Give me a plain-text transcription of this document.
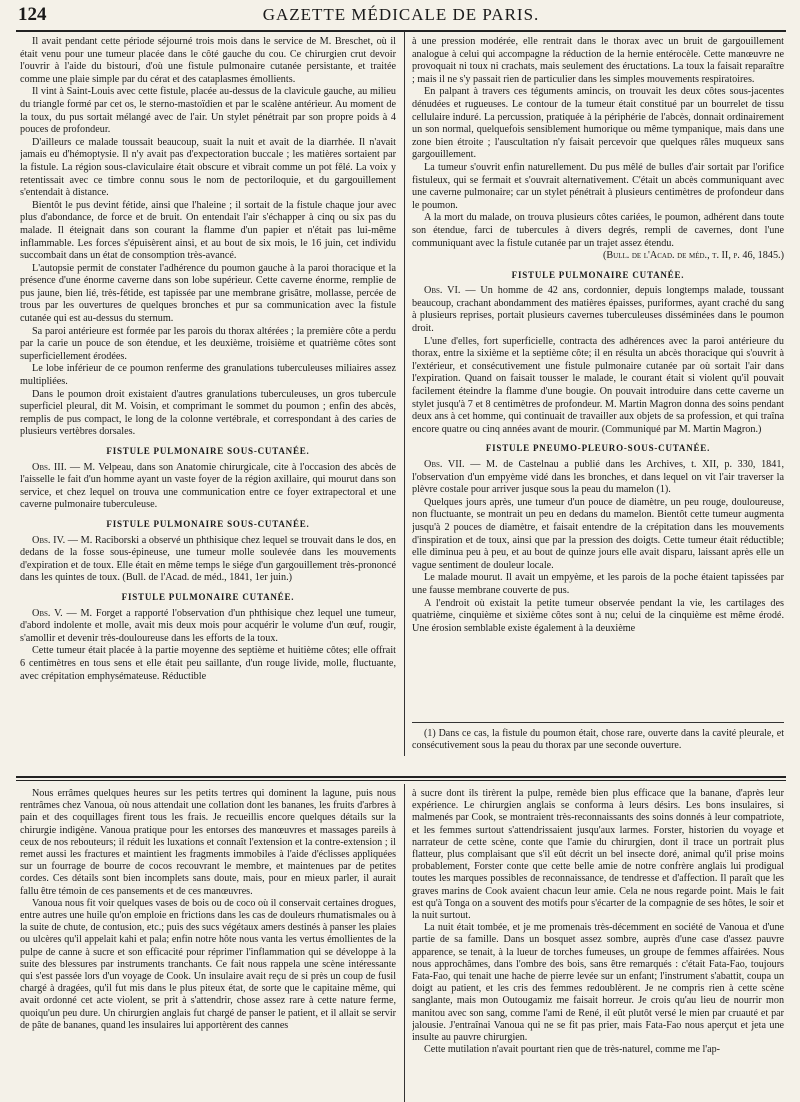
124	GAZETTE MÉDICALE DE PARIS.

Il avait pendant cette période séjourné trois mois dans le service de M. Breschet, où il était venu pour une tumeur placée dans le côté gauche du cou. Ce chirurgien crut devoir l'ouvrir à l'aide du bistouri, d'où une fistule pulmonaire cutanée persistante, et traitée comme une plaie simple par du cérat et des cataplasmes émollients.

Il vint à Saint-Louis avec cette fistule, placée au-dessus de la clavicule gauche, au milieu du triangle formé par cet os, le sterno-mastoïdien et par le scalène antérieur. Au moment de la toux, du pus sortait mélangé avec de l'air. Un stylet pénétrait par son propre poids à 4 pouces de profondeur.

D'ailleurs ce malade toussait beaucoup, suait la nuit et avait de la diarrhée. Il n'avait jamais eu d'hémoptysie. Il n'y avait pas d'expectoration buccale ; les matières sortaient par la fistule. La région sous-claviculaire était obscure et vibrait comme un pot fêlé. La voix y retentissait avec ce timbre connu sous le nom de pectoriloquie, et du gargouillement s'entendait à distance.

Bientôt le pus devint fétide, ainsi que l'haleine ; il sortait de la fistule chaque jour avec plus d'abondance, de force et de bruit. On entendait l'air s'échapper à cinq ou six pas du malade. Il éteignait dans son courant la flamme d'un papier et n'était pas lui-même inflammable. Les forces s'épuisèrent ainsi, et au bout de six mois, le 16 juin, cet individu succombait dans un état de consomption très-avancé.

L'autopsie permit de constater l'adhérence du poumon gauche à la paroi thoracique et la présence d'une énorme caverne dans son lobe supérieur. Cette caverne énorme, remplie de pus jaune, bien lié, très-fétide, est tapissée par une membrane grisâtre, mollasse, percée de trous par les ouvertures de quelques bronches et pur sa communication avec la fistule cutanée qui est au-dessus du sternum.

Sa paroi antérieure est formée par les parois du thorax altérées ; la première côte a perdu par la carie un pouce de son étendue, et les deuxième, troisième et quatrième côtes sont superficiellement érodées.

Le lobe inférieur de ce poumon renferme des granulations tuberculeuses miliaires assez multipliées.

Dans le poumon droit existaient d'autres granulations tuberculeuses, un gros tubercule superficiel pleural, dit M. Voisin, et comprimant le sommet du poumon ; enfin des abcès, remplis de pus compact, le long de la colonne vertébrale, et correspondant à des caries de plusieurs vertèbres dorsales.

FISTULE PULMONAIRE SOUS-CUTANÉE.

Obs. III. — M. Velpeau, dans son Anatomie chirurgicale, cite à l'occasion des abcès de l'aisselle le fait d'un homme ayant un vaste foyer de la région axillaire, qui mourut dans son service, et chez lequel on trouva une communication entre ce foyer extrapectoral et une caverne pulmonaire tuberculeuse.

FISTULE PULMONAIRE SOUS-CUTANÉE.

Obs. IV. — M. Raciborski a observé un phthisique chez lequel se trouvait dans le dos, en dedans de la fosse sous-épineuse, une tumeur molle soulevée dans les mouvements d'expiration et de toux. Elle était en même temps le siége d'un gargouillement très-prononcé dans les quintes de toux. (Bull. de l'Acad. de méd., 1841, 1er juin.)

FISTULE PULMONAIRE CUTANÉE.

Obs. V. — M. Forget a rapporté l'observation d'un phthisique chez lequel une tumeur, d'abord indolente et molle, avait mis deux mois pour acquérir le volume d'un œuf, rougir, s'amollir et devenir très-douloureuse dans les efforts de la toux.

Cette tumeur était placée à la partie moyenne des septième et huitième côtes; elle offrait 6 centimètres en tous sens et elle était peu saillante, d'un rouge livide, molle, fluctuante, avec crépitation emphysémateuse. Réductible

à une pression modérée, elle rentrait dans le thorax avec un bruit de gargouillement analogue à celui qui accompagne la réduction de la hernie entérocèle. Cette manœuvre ne provoquait ni toux ni crachats, mais seulement des éructations. La toux la faisait reparaître ; mais il ne s'y passait rien de particulier dans les simples mouvements respiratoires.

En palpant à travers ces téguments amincis, on trouvait les deux côtes sous-jacentes dénudées et rugueuses. Le contour de la tumeur était constitué par un bourrelet de tissu cellulaire induré. La percussion, pratiquée à la périphérie de l'abcès, donnait ordinairement un son normal, quelquefois sensiblement humorique ou même tympanique, mais dans une zone bien étroite ; l'auscultation n'y faisait percevoir que quelques râles muqueux sans gargouillement.

La tumeur s'ouvrit enfin naturellement. Du pus mêlé de bulles d'air sortait par l'orifice fistuleux, qui se fermait et s'ouvrait alternativement. C'était un abcès communiquant avec une caverne pulmonaire; car un stylet pénétrait à plusieurs centimètres de profondeur dans le poumon.

A la mort du malade, on trouva plusieurs côtes cariées, le poumon, adhérent dans toute son étendue, farci de tubercules à divers degrés, rempli de cavernes, dont l'une communiquant avec la fistule cutanée par un trajet assez étendu.

(Bull. de l'Acad. de méd., t. II, p. 46, 1845.)

FISTULE PULMONAIRE CUTANÉE.

Obs. VI. — Un homme de 42 ans, cordonnier, depuis longtemps malade, toussant beaucoup, crachant abondamment des matières épaisses, puriformes, ayant craché du sang à plusieurs reprises, portait plusieurs cavernes tuberculeuses disséminées dans le poumon droit.

L'une d'elles, fort superficielle, contracta des adhérences avec la paroi antérieure du thorax, entre la sixième et la septième côte; il en résulta un abcès thoracique qui s'ouvrit à l'extérieur, et consécutivement une fistule pulmonaire cutanée par où sortait l'air dans l'expiration. Quand on faisait tousser le malade, le courant était si violent qu'il pouvait facilement éteindre la flamme d'une bougie. On pouvait introduire dans cette caverne un stylet jusqu'à 7 et 8 centimètres de profondeur. M. Martin Magron donna des soins pendant deux ans à cet homme, qui continuait de travailler aux objets de sa profession, et qui traîna encore quatre ou cinq années avant de mourir. (Communiqué par M. Martin Magron.)

FISTULE PNEUMO-PLEURO-SOUS-CUTANÉE.

Obs. VII. — M. de Castelnau a publié dans les Archives, t. XII, p. 330, 1841, l'observation d'un empyème vidé dans les bronches, et dans lequel on vit l'air traverser la plèvre costale pour arriver jusque sous la peau du mamelon (1).

Quelques jours après, une tumeur d'un pouce de diamètre, un peu rouge, douloureuse, non fluctuante, se montrait un peu en dedans du mamelon. Bientôt cette tumeur augmenta jusqu'à 2 pouces de diamètre, et faisait entendre de la crépitation dans les mouvements d'inspiration et de toux, ainsi que par la pression des doigts. Cette tumeur était réductible; elle diminua peu à peu, et au bout de quinze jours elle avait disparu, laissant après elle un vague sentiment de douleur locale.

Le malade mourut. Il avait un empyème, et les parois de la poche étaient tapissées par une fausse membrane couverte de pus.

A l'endroit où existait la petite tumeur observée pendant la vie, les cartilages des quatrième, cinquième et sixième côtes sont à nu; celui de la cinquième est même érodé. Une érosion semblable existe également à la deuxième

(1) Dans ce cas, la fistule du poumon était, chose rare, ouverte dans la cavité pleurale, et consécutivement sous la peau du thorax par une seconde ouverture.

Nous errâmes quelques heures sur les petits tertres qui dominent la lagune, puis nous rentrâmes chez Vanoua, où nous attendait une collation dont les bananes, les fruits d'arbres à pain et des coquillages firent tous les frais. Je recueillis encore quelques détails sur la chirurgie indigène. Vanoua pratique pour les entorses des manœuvres et massages pareils à ceux de nos rebouteurs; il réduit les luxations et connaît l'extension et la contre-extension ; il remet aussi les fractures et maintient les fragments immobiles à l'aide d'éclisses appliquées sur un fourrage de bourre de cocos recouvrant le membre, et maintenues par de petites cordes. Ces détails sont bien incomplets sans doute, mais, pour en mieux parler, il aurait fallu être témoin de ces pansements et de ces manœuvres.

Vanoua nous fit voir quelques vases de bois ou de coco où il conservait certaines drogues, entre autres une huile qu'on emploie en frictions dans les cas de douleurs rhumatismales ou à la suite de chute, de contusion, etc.; puis des sucs végétaux amers destinés à panser les plaies ou ulcères qu'il appelait kahi et pala; enfin notre hôte nous vanta les vertus émollientes de la pulpe de canne à sucre et son efficacité pour réprimer l'inflammation qui se développe à la suite des blessures par instruments tranchants. Ce fait nous rappela une scène intéressante qui s'est passée lors d'un voyage de Cook. Un insulaire avait reçu de si près un coup de fusil chargé à dragées, qu'il fut mis dans le plus piteux état, de sorte que le capitaine même, qui avait ordonné cet acte violent, se prit à s'attendrir, chose assez rare à cette nature ferme, quoiqu'un peu dure. Un chirurgien anglais fut chargé de panser le patient, et il allait se servir de pâte de bananes, quand les insulaires lui apportèrent des cannes

à sucre dont ils tirèrent la pulpe, remède bien plus efficace que la banane, d'après leur expérience. Le chirurgien anglais se conforma à leurs désirs. Les bons insulaires, si malmenés par Cook, se montraient très-reconnaissants des soins donnés à leur compatriote, et les femmes surtout s'attendrissaient jusqu'aux larmes. Forster, historien du voyage et narrateur de cette scène, conte que l'amie du chirurgien, dont il trace un portrait plus flatteur, plus complaisant que s'il eût décrit un bel insecte doré, animal qu'il prise moins probablement, Forster conte que cette belle amie de notre confrère anglais lui prodigual toutes les marques possibles de reconnaissance, de tendresse et d'affection. Il paraît que les graves marins de Cook avaient chacun leur amie. Cela ne nous regarde point. Mais le fait est qu'à Tonga on a souvent des motifs pour s'écarter de la compagnie de ses hôtes, le soir et la nuit surtout.

La nuit était tombée, et je me promenais très-décemment en société de Vanoua et d'une partie de sa famille. Dans un bosquet assez sombre, auprès d'une case d'assez pauvre apparence, se tenait, à la lueur de torches fumeuses, un groupe de femmes affairées. Nous nous approchâmes, dans l'ombre des bois, sans être remarqués : c'était Fata-Fao, toujours Fata-Fao, qui tenait une hache de pierre levée sur un enfant; l'instrument s'abattit, coupa un doigt au patient, et les cris des femmes redoublèrent. Je ne compris rien à cette scène sanglante, mais mon Outougamiz me faisait horreur. Je crois qu'au lieu de nourrir mon manitou avec son sang, comme l'ami de René, il eût plutôt versé le mien par cruauté et par jalousie. J'entraînai Vanoua qui ne se fit pas prier, mais Fata-Fao nous aperçut et jeta une insulte au pauvre chirurgien.

Cette mutilation n'avait pourtant rien que de très-naturel, comme me l'ap-
